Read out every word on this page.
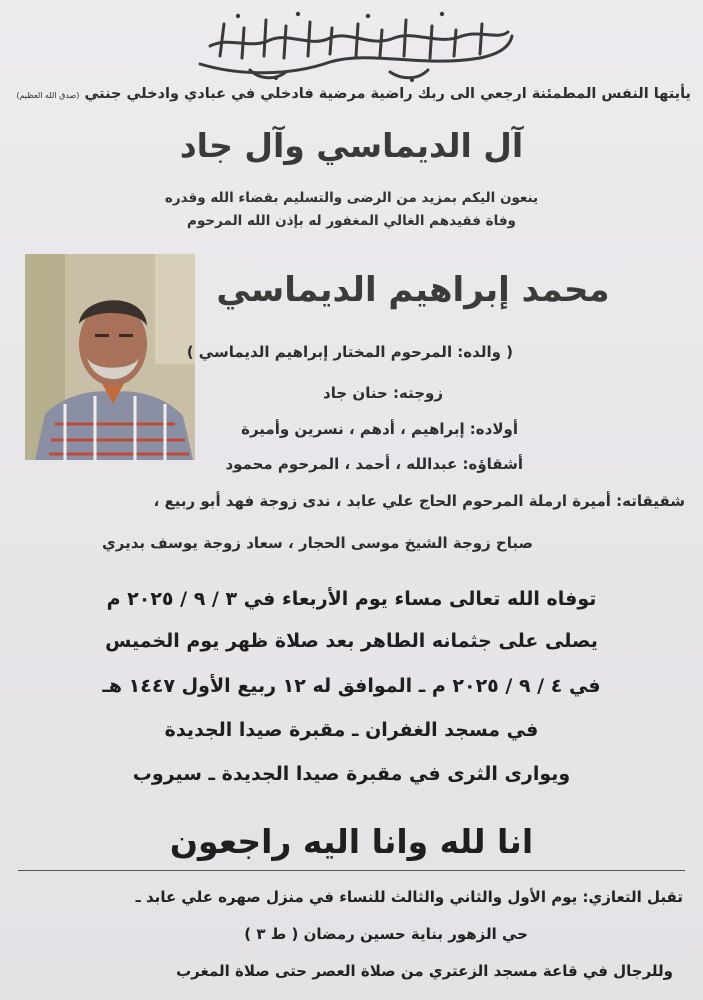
يأيتها النفس المطمئنة ارجعي الى ربك راضية مرضية فادخلي في عبادي وادخلي جنتي (صدق الله العظيم)
آل الديماسي وآل جاد
ينعون اليكم بمزيد من الرضى والتسليم بقضاء الله وقدره
وفاة فقيدهم الغالي المغفور له بإذن الله المرحوم
محمد إبراهيم الديماسي
( والده: المرحوم المختار إبراهيم الديماسي )
زوجته: حنان جاد
أولاده: إبراهيم ، أدهم ، نسرين وأميرة
أشقاؤه: عبدالله ، أحمد ، المرحوم محمود
شقيقاته: أميرة ارملة المرحوم الحاج علي عابد ، ندى زوجة فهد أبو ربيع ،
صباح زوجة الشيخ موسى الحجار ، سعاد زوجة يوسف بديري
توفاه الله تعالى مساء يوم الأربعاء في ٣ / ٩ / ٢٠٢٥ م
يصلى على جثمانه الطاهر بعد صلاة ظهر يوم الخميس
في ٤ / ٩ / ٢٠٢٥ م ـ الموافق له ١٢ ربيع الأول ١٤٤٧ هـ
في مسجد الغفران ـ مقبرة صيدا الجديدة
ويوارى الثرى في مقبرة صيدا الجديدة ـ سيروب
انا لله وانا اليه راجعون
تقبل التعازي: يوم الأول والثاني والثالث للنساء في منزل صهره علي عابد ـ
حي الزهور بناية حسين رمضان ( ط ٣ )
وللرجال في قاعة مسجد الزعتري من صلاة العصر حتى صلاة المغرب
